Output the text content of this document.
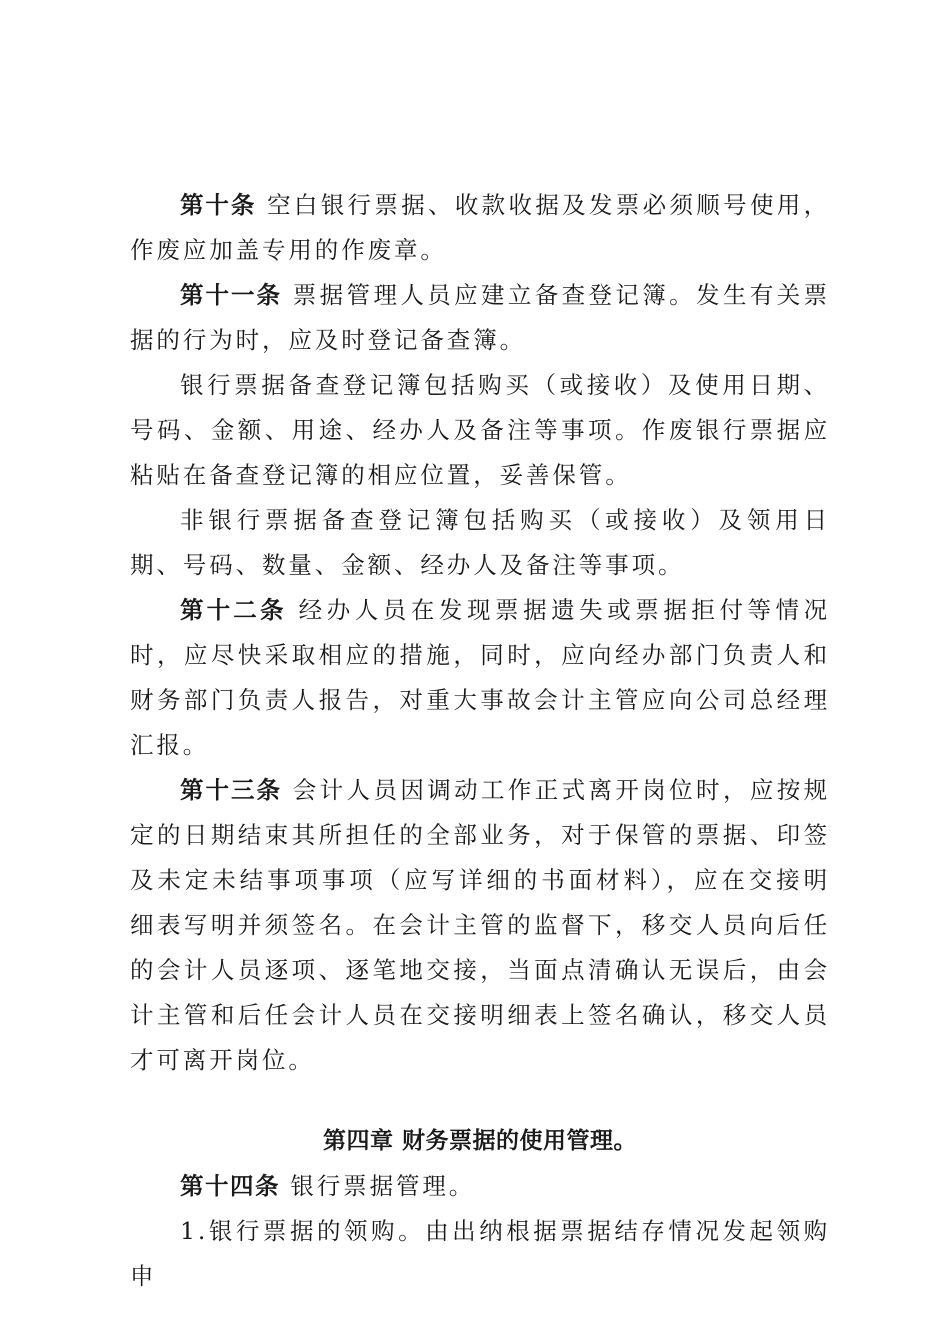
第十条 空白银行票据、收款收据及发票必须顺号使用，作废应加盖专用的作废章。

第十一条 票据管理人员应建立备查登记簿。发生有关票据的行为时，应及时登记备查簿。

银行票据备查登记簿包括购买（或接收）及使用日期、号码、金额、用途、经办人及备注等事项。作废银行票据应粘贴在备查登记簿的相应位置，妥善保管。

非银行票据备查登记簿包括购买（或接收）及领用日期、号码、数量、金额、经办人及备注等事项。

第十二条 经办人员在发现票据遗失或票据拒付等情况时，应尽快采取相应的措施，同时，应向经办部门负责人和财务部门负责人报告，对重大事故会计主管应向公司总经理汇报。

第十三条 会计人员因调动工作正式离开岗位时，应按规定的日期结束其所担任的全部业务，对于保管的票据、印签及未定未结事项事项（应写详细的书面材料），应在交接明细表写明并须签名。在会计主管的监督下，移交人员向后任的会计人员逐项、逐笔地交接，当面点清确认无误后，由会计主管和后任会计人员在交接明细表上签名确认，移交人员才可离开岗位。

第四章 财务票据的使用管理。

第十四条 银行票据管理。

1.银行票据的领购。由出纳根据票据结存情况发起领购申
